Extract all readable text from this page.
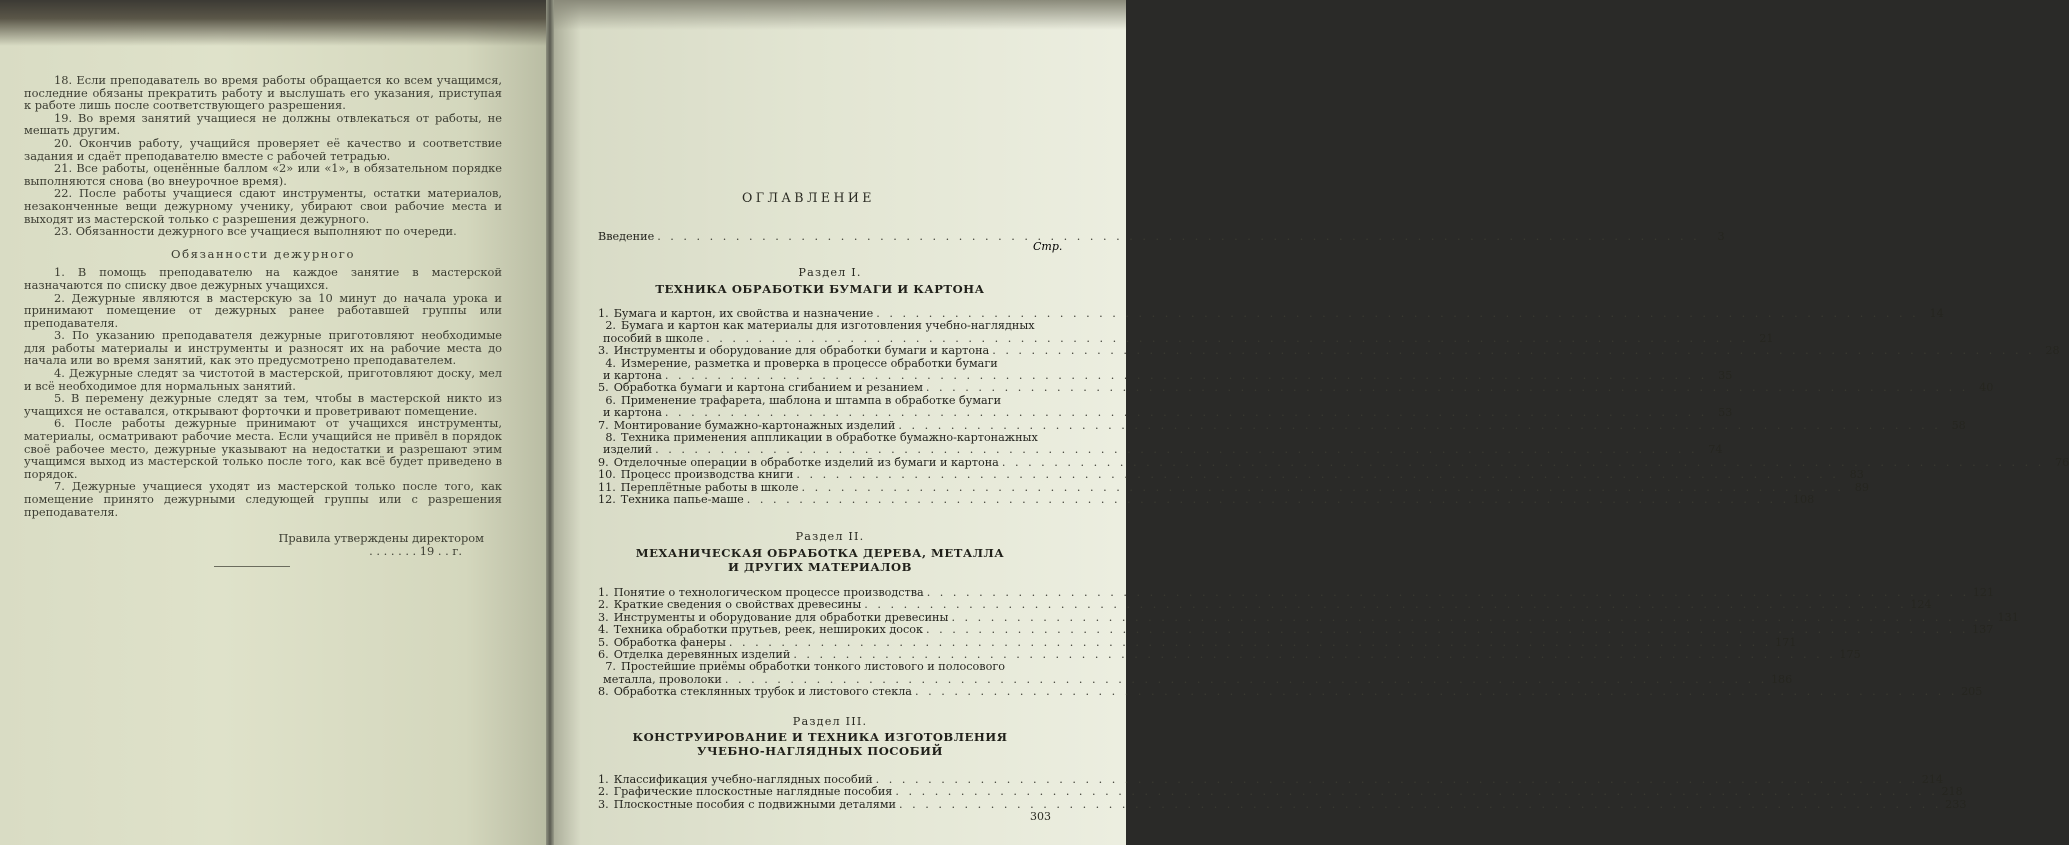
18. Если преподаватель во время работы обращается ко всем учащимся, последние обязаны прекратить работу и выслушать его указания, приступая к работе лишь после соответствующего разрешения.

19. Во время занятий учащиеся не должны отвлекаться от работы, не мешать другим.

20. Окончив работу, учащийся проверяет её качество и соответствие задания и сдаёт преподавателю вместе с рабочей тетрадью.

21. Все работы, оценённые баллом «2» или «1», в обязательном порядке выполняются снова (во внеурочное время).

22. После работы учащиеся сдают инструменты, остатки материалов, незаконченные вещи дежурному ученику, убирают свои рабочие места и выходят из мастерской только с разрешения дежурного.

23. Обязанности дежурного все учащиеся выполняют по очереди.

Обязанности дежурного

1. В помощь преподавателю на каждое занятие в мастерской назначаются по списку двое дежурных учащихся.

2. Дежурные являются в мастерскую за 10 минут до начала урока и принимают помещение от дежурных ранее работавшей группы или преподавателя.

3. По указанию преподавателя дежурные приготовляют необходимые для работы материалы и инструменты и разносят их на рабочие места до начала или во время занятий, как это предусмотрено преподавателем.

4. Дежурные следят за чистотой в мастерской, приготовляют доску, мел и всё необходимое для нормальных занятий.

5. В перемену дежурные следят за тем, чтобы в мастерской никто из учащихся не оставался, открывают форточки и проветривают помещение.

6. После работы дежурные принимают от учащихся инструменты, материалы, осматривают рабочие места. Если учащийся не привёл в порядок своё рабочее место, дежурные указывают на недостатки и разрешают этим учащимся выход из мастерской только после того, как всё будет приведено в порядок.

7. Дежурные учащиеся уходят из мастерской только после того, как помещение принято дежурными следующей группы или с разрешения преподавателя.

Правила утверждены директором

. . . . . . . 19 . . г.

ОГЛАВЛЕНИЕ
Стр.
Введение . . . . . . . . . . . . . . . . . . . . . . . . . . . . . . . . . . . . . . . . . . . . . . . . . . . . . . . . . . . . . . . . . . . . . . . . . . . . . . . .	3
Раздел I.
ТЕХНИКА ОБРАБОТКИ БУМАГИ И КАРТОНА
1. Бумага и картон, их свойства и назначение . . . . . . . . . . . . . . . . . . . . . . . . . . . . . . . . . . . . . . . . . . . . . . . . . . . . . . . . . . . . . . . . . . . . . . . . . . . . . . . . 14
2. Бумага и картон как материалы для изготовления учебно-наглядных
пособий в школе . . . . . . . . . . . . . . . . . . . . . . . . . . . . . . . . . . . . . . . . . . . . . . . . . . . . . . . . . . . . . . . . . . . . . . . . . . . . . . . . 21
3. Инструменты и оборудование для обработки бумаги и картона . . . . . . . . . . . . . . . . . . . . . . . . . . . . . . . . . . . . . . . . . . . . . . . . . . . . . . . . . . . . . . . . . . . . . . . . . . . . . . . . 28
4. Измерение, разметка и проверка в процессе обработки бумаги
и картона . . . . . . . . . . . . . . . . . . . . . . . . . . . . . . . . . . . . . . . . . . . . . . . . . . . . . . . . . . . . . . . . . . . . . . . . . . . . . . . . 35
5. Обработка бумаги и картона сгибанием и резанием . . . . . . . . . . . . . . . . . . . . . . . . . . . . . . . . . . . . . . . . . . . . . . . . . . . . . . . . . . . . . . . . . . . . . . . . . . . . . . . . 40
6. Применение трафарета, шаблона и штампа в обработке бумаги
и картона . . . . . . . . . . . . . . . . . . . . . . . . . . . . . . . . . . . . . . . . . . . . . . . . . . . . . . . . . . . . . . . . . . . . . . . . . . . . . . . . 53
7. Монтирование бумажно-картонажных изделий . . . . . . . . . . . . . . . . . . . . . . . . . . . . . . . . . . . . . . . . . . . . . . . . . . . . . . . . . . . . . . . . . . . . . . . . . . . . . . . . 58
8. Техника применения аппликации в обработке бумажно-картонажных
изделий . . . . . . . . . . . . . . . . . . . . . . . . . . . . . . . . . . . . . . . . . . . . . . . . . . . . . . . . . . . . . . . . . . . . . . . . . . . . . . . . 74
9. Отделочные операции в обработке изделий из бумаги и картона . . . . . . . . . . . . . . . . . . . . . . . . . . . . . . . . . . . . . . . . . . . . . . . . . . . . . . . . . . . . . . . . . . . . . . . . . . . . . . . . 76
10. Процесс производства книги . . . . . . . . . . . . . . . . . . . . . . . . . . . . . . . . . . . . . . . . . . . . . . . . . . . . . . . . . . . . . . . . . . . . . . . . . . . . . . . . 83
11. Переплётные работы в школе . . . . . . . . . . . . . . . . . . . . . . . . . . . . . . . . . . . . . . . . . . . . . . . . . . . . . . . . . . . . . . . . . . . . . . . . . . . . . . . . 89
12. Техника папье-маше . . . . . . . . . . . . . . . . . . . . . . . . . . . . . . . . . . . . . . . . . . . . . . . . . . . . . . . . . . . . . . . . . . . . . . . . . . . . . . . . 108
Раздел II.
МЕХАНИЧЕСКАЯ ОБРАБОТКА ДЕРЕВА, МЕТАЛЛА
И ДРУГИХ МАТЕРИАЛОВ
1. Понятие о технологическом процессе производства . . . . . . . . . . . . . . . . . . . . . . . . . . . . . . . . . . . . . . . . . . . . . . . . . . . . . . . . . . . . . . . . . . . . . . . . . . . . . . . . 121
2. Краткие сведения о свойствах древесины . . . . . . . . . . . . . . . . . . . . . . . . . . . . . . . . . . . . . . . . . . . . . . . . . . . . . . . . . . . . . . . . . . . . . . . . . . . . . . . . 124
3. Инструменты и оборудование для обработки древесины . . . . . . . . . . . . . . . . . . . . . . . . . . . . . . . . . . . . . . . . . . . . . . . . . . . . . . . . . . . . . . . . . . . . . . . . . . . . . . . . 131
4. Техника обработки прутьев, реек, нешироких досок . . . . . . . . . . . . . . . . . . . . . . . . . . . . . . . . . . . . . . . . . . . . . . . . . . . . . . . . . . . . . . . . . . . . . . . . . . . . . . . . 137
5. Обработка фанеры . . . . . . . . . . . . . . . . . . . . . . . . . . . . . . . . . . . . . . . . . . . . . . . . . . . . . . . . . . . . . . . . . . . . . . . . . . . . . . . . 171
6. Отделка деревянных изделий . . . . . . . . . . . . . . . . . . . . . . . . . . . . . . . . . . . . . . . . . . . . . . . . . . . . . . . . . . . . . . . . . . . . . . . . . . . . . . . . 175
7. Простейшие приёмы обработки тонкого листового и полосового
металла, проволоки . . . . . . . . . . . . . . . . . . . . . . . . . . . . . . . . . . . . . . . . . . . . . . . . . . . . . . . . . . . . . . . . . . . . . . . . . . . . . . . . 186
8. Обработка стеклянных трубок и листового стекла . . . . . . . . . . . . . . . . . . . . . . . . . . . . . . . . . . . . . . . . . . . . . . . . . . . . . . . . . . . . . . . . . . . . . . . . . . . . . . . . 205
Раздел III.
КОНСТРУИРОВАНИЕ И ТЕХНИКА ИЗГОТОВЛЕНИЯ
УЧЕБНО-НАГЛЯДНЫХ ПОСОБИЙ
1. Классификация учебно-наглядных пособий . . . . . . . . . . . . . . . . . . . . . . . . . . . . . . . . . . . . . . . . . . . . . . . . . . . . . . . . . . . . . . . . . . . . . . . . . . . . . . . . 214
2. Графические плоскостные наглядные пособия . . . . . . . . . . . . . . . . . . . . . . . . . . . . . . . . . . . . . . . . . . . . . . . . . . . . . . . . . . . . . . . . . . . . . . . . . . . . . . . . 218
3. Плоскостные пособия с подвижными деталями . . . . . . . . . . . . . . . . . . . . . . . . . . . . . . . . . . . . . . . . . . . . . . . . . . . . . . . . . . . . . . . . . . . . . . . . . . . . . . . . 233
303
